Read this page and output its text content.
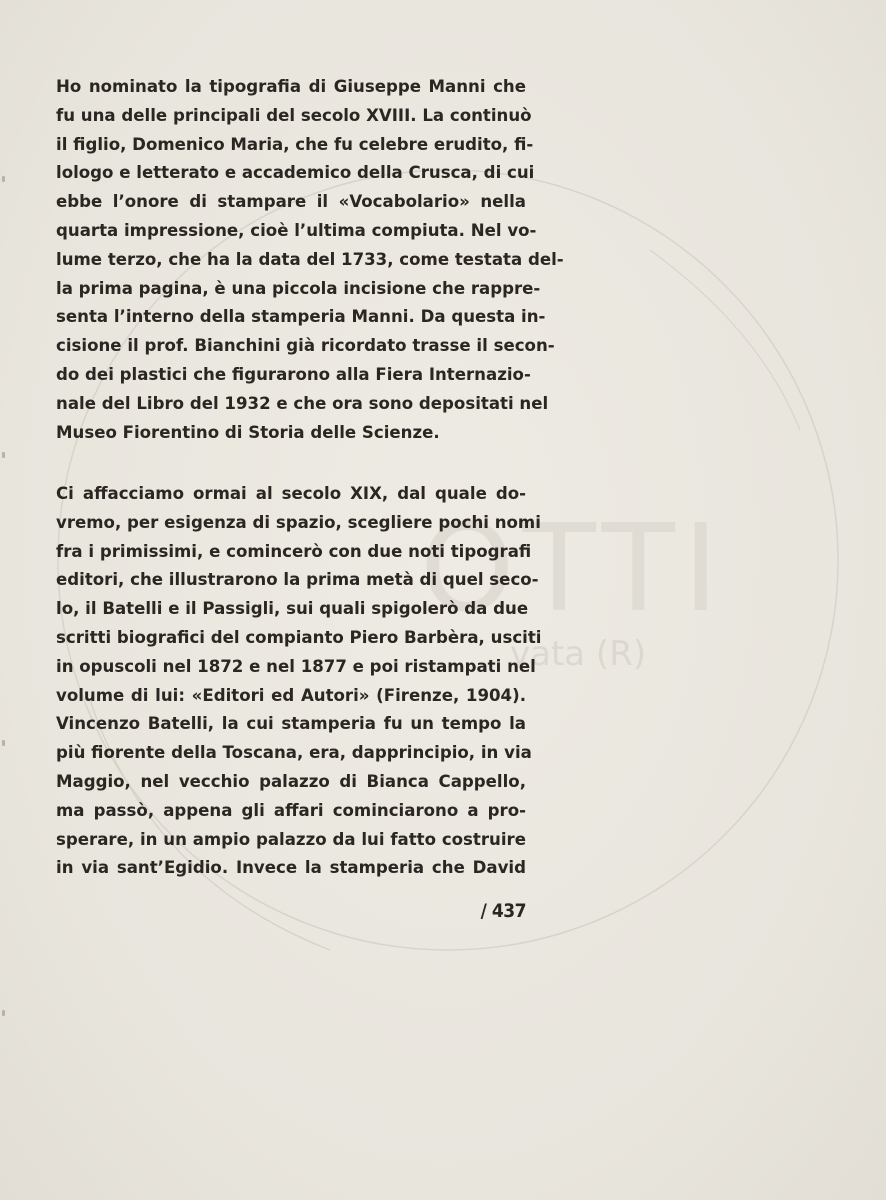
OTTI
vata (R)
Ho nominato la tipografia di Giuseppe Manni che
fu una delle principali del secolo XVIII. La continuò
il figlio, Domenico Maria, che fu celebre erudito, fi-
lologo e letterato e accademico della Crusca, di cui
ebbe l’onore di stampare il «Vocabolario» nella
quarta impressione, cioè l’ultima compiuta. Nel vo-
lume terzo, che ha la data del 1733, come testata del-
la prima pagina, è una piccola incisione che rappre-
senta l’interno della stamperia Manni. Da questa in-
cisione il prof. Bianchini già ricordato trasse il secon-
do dei plastici che figurarono alla Fiera Internazio-
nale del Libro del 1932 e che ora sono depositati nel
Museo Fiorentino di Storia delle Scienze.
Ci affacciamo ormai al secolo XIX, dal quale do-
vremo, per esigenza di spazio, scegliere pochi nomi
fra i primissimi, e comincerò con due noti tipografi
editori, che illustrarono la prima metà di quel seco-
lo, il Batelli e il Passigli, sui quali spigolerò da due
scritti biografici del compianto Piero Barbèra, usciti
in opuscoli nel 1872 e nel 1877 e poi ristampati nel
volume di lui: «Editori ed Autori» (Firenze, 1904).
Vincenzo Batelli, la cui stamperia fu un tempo la
più fiorente della Toscana, era, dapprincipio, in via
Maggio, nel vecchio palazzo di Bianca Cappello,
ma passò, appena gli affari cominciarono a pro-
sperare, in un ampio palazzo da lui fatto costruire
in via sant’Egidio. Invece la stamperia che David
/ 437
